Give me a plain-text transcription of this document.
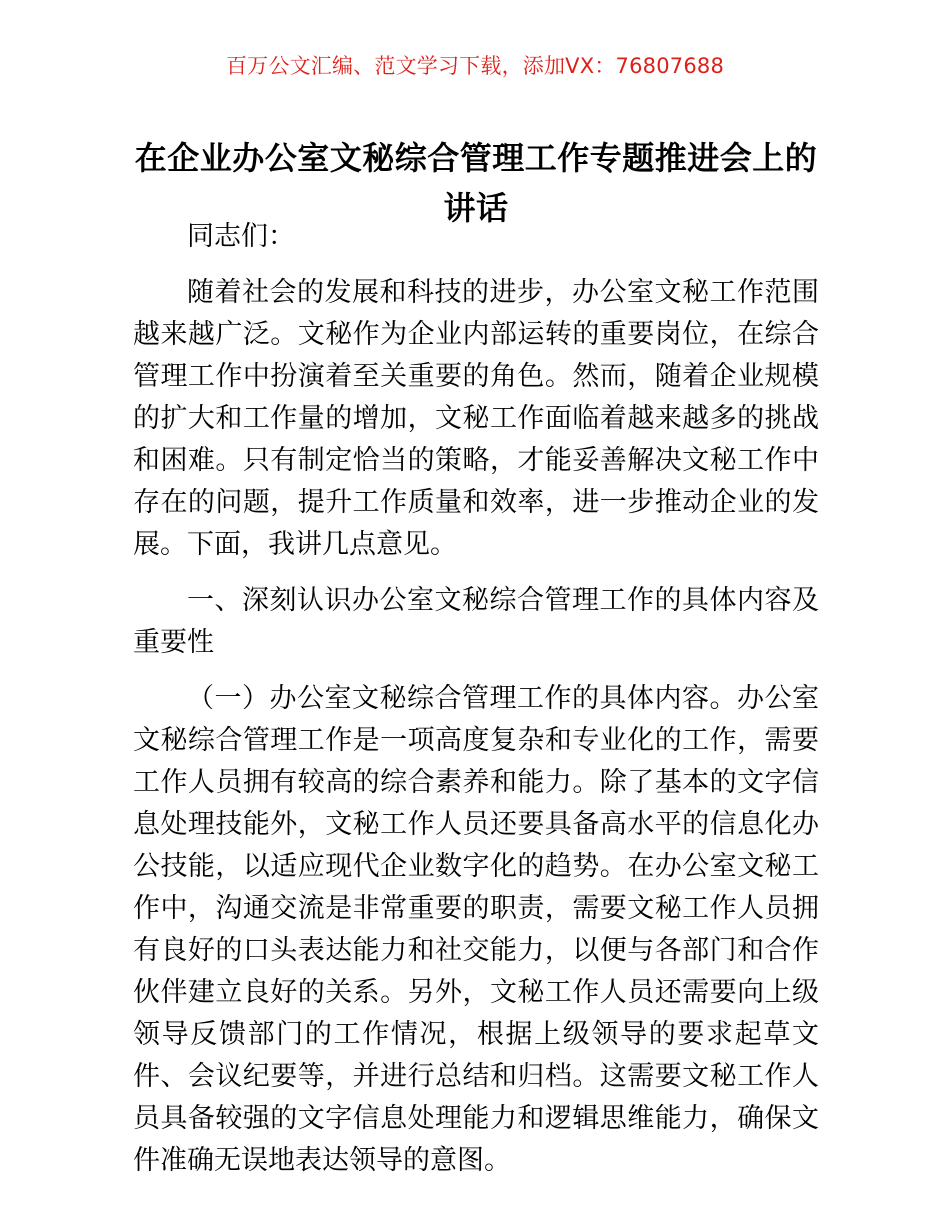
百万公文汇编、范文学习下载，添加VX：76807688
在企业办公室文秘综合管理工作专题推进会上的讲话

同志们：

随着社会的发展和科技的进步，办公室文秘工作范围越来越广泛。文秘作为企业内部运转的重要岗位，在综合管理工作中扮演着至关重要的角色。然而，随着企业规模的扩大和工作量的增加，文秘工作面临着越来越多的挑战和困难。只有制定恰当的策略，才能妥善解决文秘工作中存在的问题，提升工作质量和效率，进一步推动企业的发展。下面，我讲几点意见。

一、深刻认识办公室文秘综合管理工作的具体内容及重要性

（一）办公室文秘综合管理工作的具体内容。办公室文秘综合管理工作是一项高度复杂和专业化的工作，需要工作人员拥有较高的综合素养和能力。除了基本的文字信息处理技能外，文秘工作人员还要具备高水平的信息化办公技能，以适应现代企业数字化的趋势。在办公室文秘工作中，沟通交流是非常重要的职责，需要文秘工作人员拥有良好的口头表达能力和社交能力，以便与各部门和合作伙伴建立良好的关系。另外，文秘工作人员还需要向上级领导反馈部门的工作情况，根据上级领导的要求起草文件、会议纪要等，并进行总结和归档。这需要文秘工作人员具备较强的文字信息处理能力和逻辑思维能力，确保文件准确无误地表达领导的意图。
